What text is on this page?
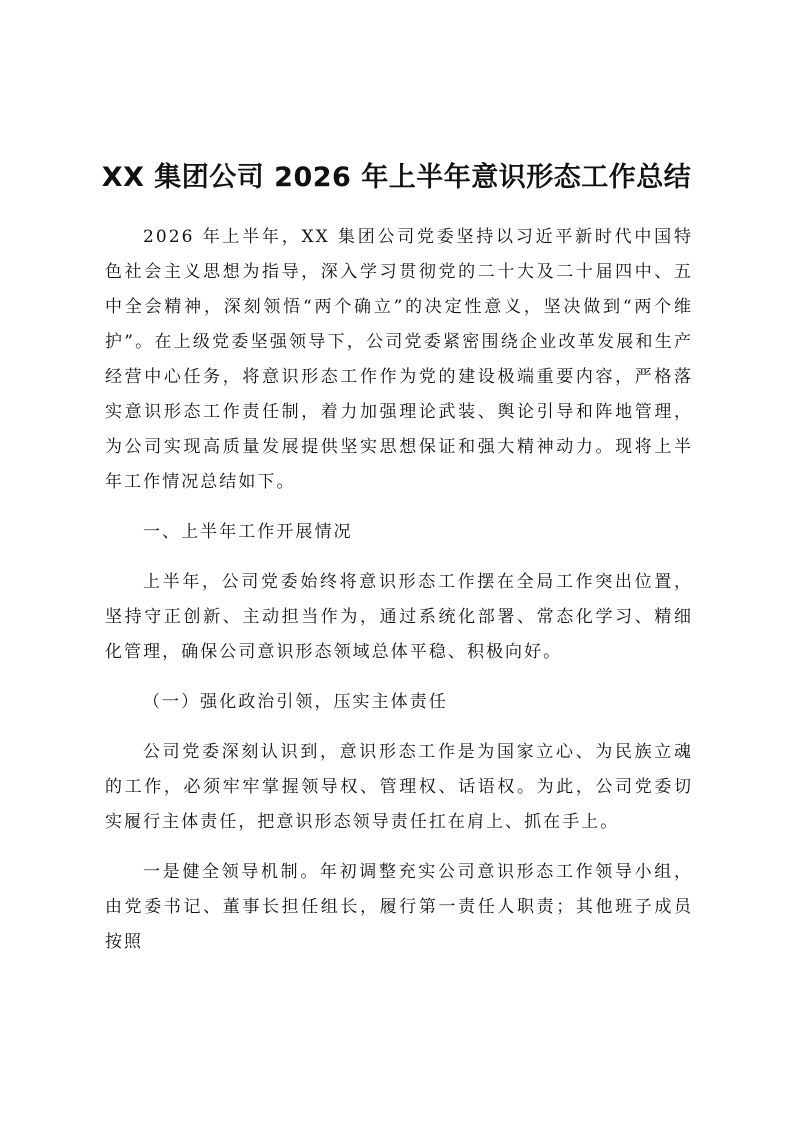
XX 集团公司 2026 年上半年意识形态工作总结

2026 年上半年，XX 集团公司党委坚持以习近平新时代中国特色社会主义思想为指导，深入学习贯彻党的二十大及二十届四中、五中全会精神，深刻领悟“两个确立”的决定性意义，坚决做到“两个维护”。在上级党委坚强领导下，公司党委紧密围绕企业改革发展和生产经营中心任务，将意识形态工作作为党的建设极端重要内容，严格落实意识形态工作责任制，着力加强理论武装、舆论引导和阵地管理，为公司实现高质量发展提供坚实思想保证和强大精神动力。现将上半年工作情况总结如下。

一、上半年工作开展情况

上半年，公司党委始终将意识形态工作摆在全局工作突出位置，坚持守正创新、主动担当作为，通过系统化部署、常态化学习、精细化管理，确保公司意识形态领域总体平稳、积极向好。

（一）强化政治引领，压实主体责任

公司党委深刻认识到，意识形态工作是为国家立心、为民族立魂的工作，必须牢牢掌握领导权、管理权、话语权。为此，公司党委切实履行主体责任，把意识形态领导责任扛在肩上、抓在手上。

一是健全领导机制。年初调整充实公司意识形态工作领导小组，由党委书记、董事长担任组长，履行第一责任人职责；其他班子成员按照
